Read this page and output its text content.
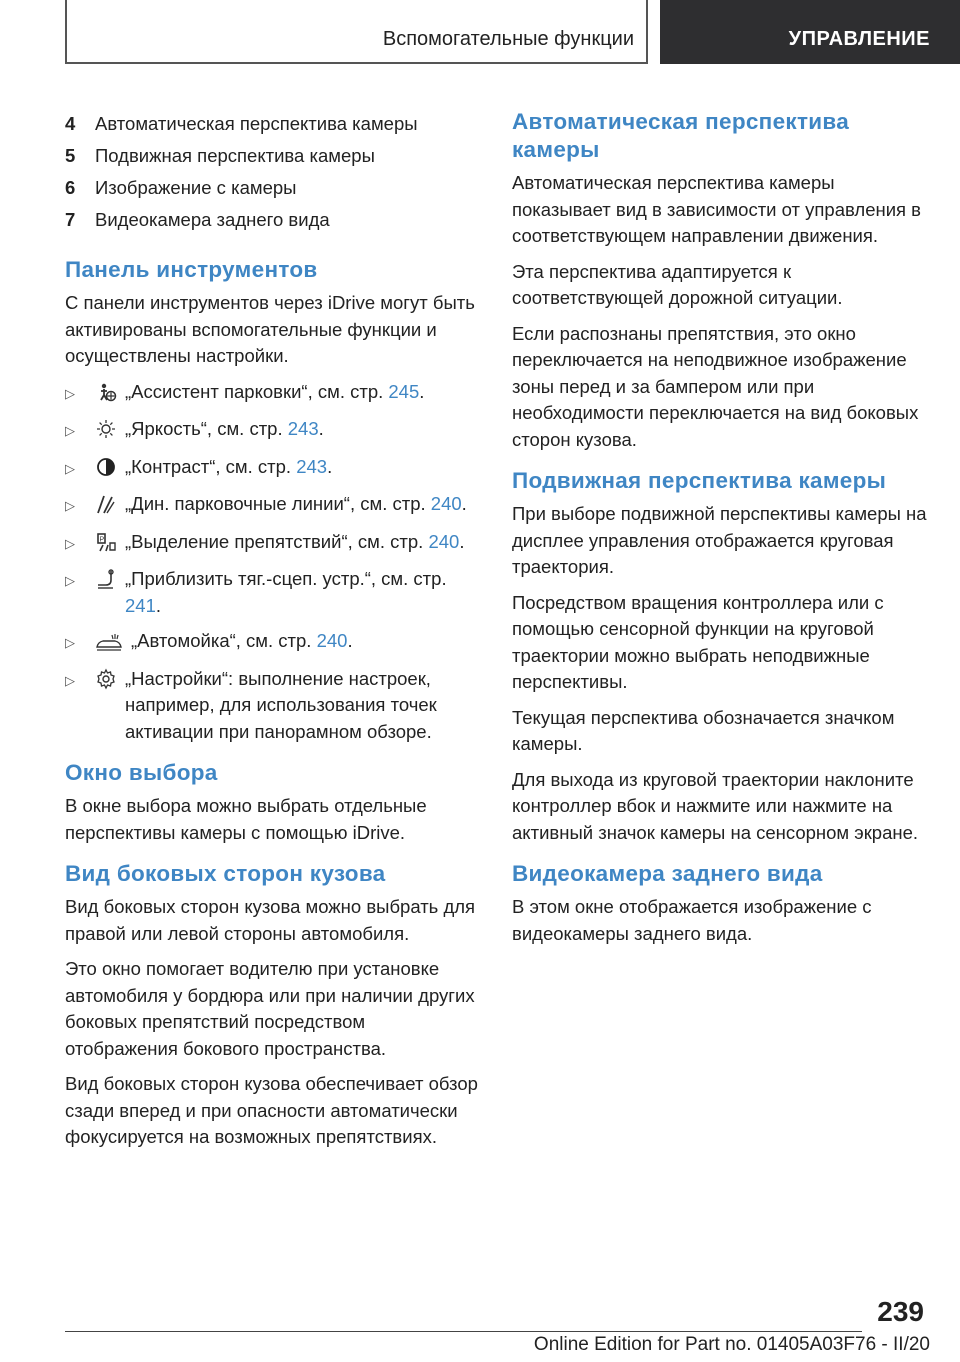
Вспомогательные функции	УПРАВЛЕНИЕ
4	Автоматическая перспектива камеры
5	Подвижная перспектива камеры
6	Изображение с камеры
7	Видеокамера заднего вида
Панель инструментов

С панели инструментов через iDrive могут быть активированы вспомогательные функции и осуществлены настройки.

▷	„Ассистент парковки“, см. стр. 245.
▷	„Яркость“, см. стр. 243.
▷	„Контраст“, см. стр. 243.
▷	„Дин. парковочные линии“, см. стр. 240.
▷	P „Выделение препятствий“, см. стр. 240.
▷	„Приблизить тяг.-сцеп. устр.“, см. стр. 241.
▷	„Автомойка“, см. стр. 240.
▷	„Настройки“: выполнение настроек, например, для использования точек активации при панорамном обзоре.
Окно выбора

В окне выбора можно выбрать отдельные перспективы камеры с помощью iDrive.

Вид боковых сторон кузова

Вид боковых сторон кузова можно выбрать для правой или левой стороны автомобиля.

Это окно помогает водителю при установке автомобиля у бордюра или при наличии других боковых препятствий посредством отображения бокового пространства.

Вид боковых сторон кузова обеспечивает обзор сзади вперед и при опасности автоматически фокусируется на возможных препятствиях.

Автоматическая перспектива камеры

Автоматическая перспектива камеры показывает вид в зависимости от управления в соответствующем направлении движения.

Эта перспектива адаптируется к соответствующей дорожной ситуации.

Если распознаны препятствия, это окно переключается на неподвижное изображение зоны перед и за бампером или при необходимости переключается на вид боковых сторон кузова.

Подвижная перспектива камеры

При выборе подвижной перспективы камеры на дисплее управления отображается круговая траектория.

Посредством вращения контроллера или с помощью сенсорной функции на круговой траектории можно выбрать неподвижные перспективы.

Текущая перспектива обозначается значком камеры.

Для выхода из круговой траектории наклоните контроллер вбок и нажмите или нажмите на активный значок камеры на сенсорном экране.

Видеокамера заднего вида

В этом окне отображается изображение с видеокамеры заднего вида.

239
Online Edition for Part no. 01405A03F76 - II/20
